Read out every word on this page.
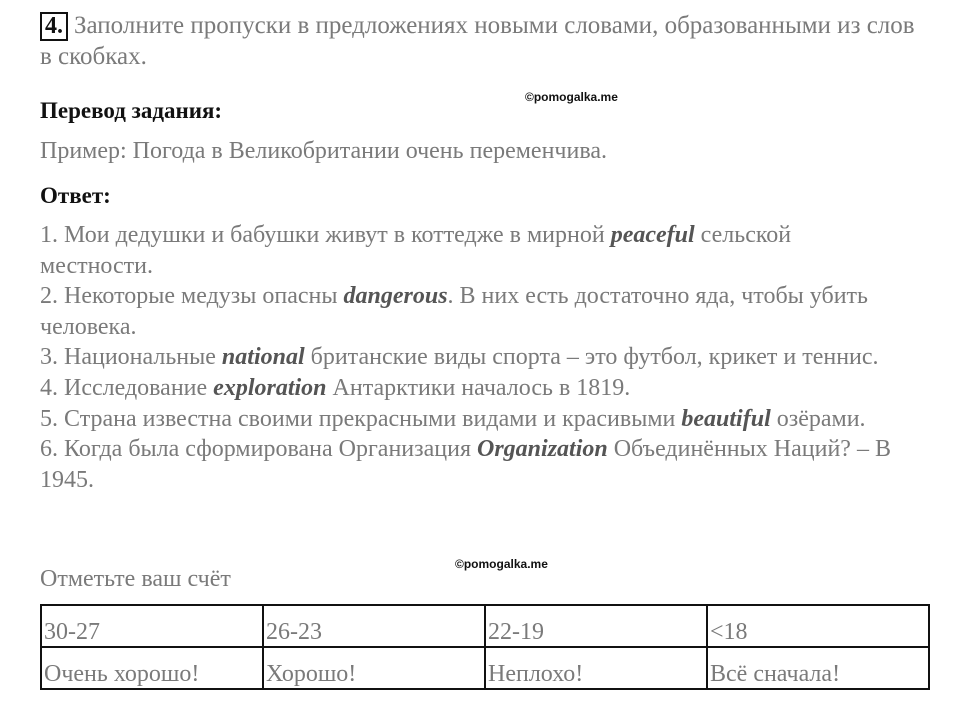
4. Заполните пропуски в предложениях новыми словами, образованными из слов в скобках.

©pomogalka.me

Перевод задания:

Пример: Погода в Великобритании очень переменчива.

Ответ:

1. Мои дедушки и бабушки живут в коттедже в мирной peaceful сельской местности.

2. Некоторые медузы опасны dangerous. В них есть достаточно яда, чтобы убить человека.

3. Национальные national британские виды спорта – это футбол, крикет и теннис.

4. Исследование exploration Антарктики началось в 1819.

5. Страна известна своими прекрасными видами и красивыми beautiful озёрами.

6. Когда была сформирована Организация Organization Объединённых Наций? – В 1945.

©pomogalka.me

Отметьте ваш счёт

30-27	26-23	22-19	<18
Очень хорошо!	Хорошо!	Неплохо!	Всё сначала!
